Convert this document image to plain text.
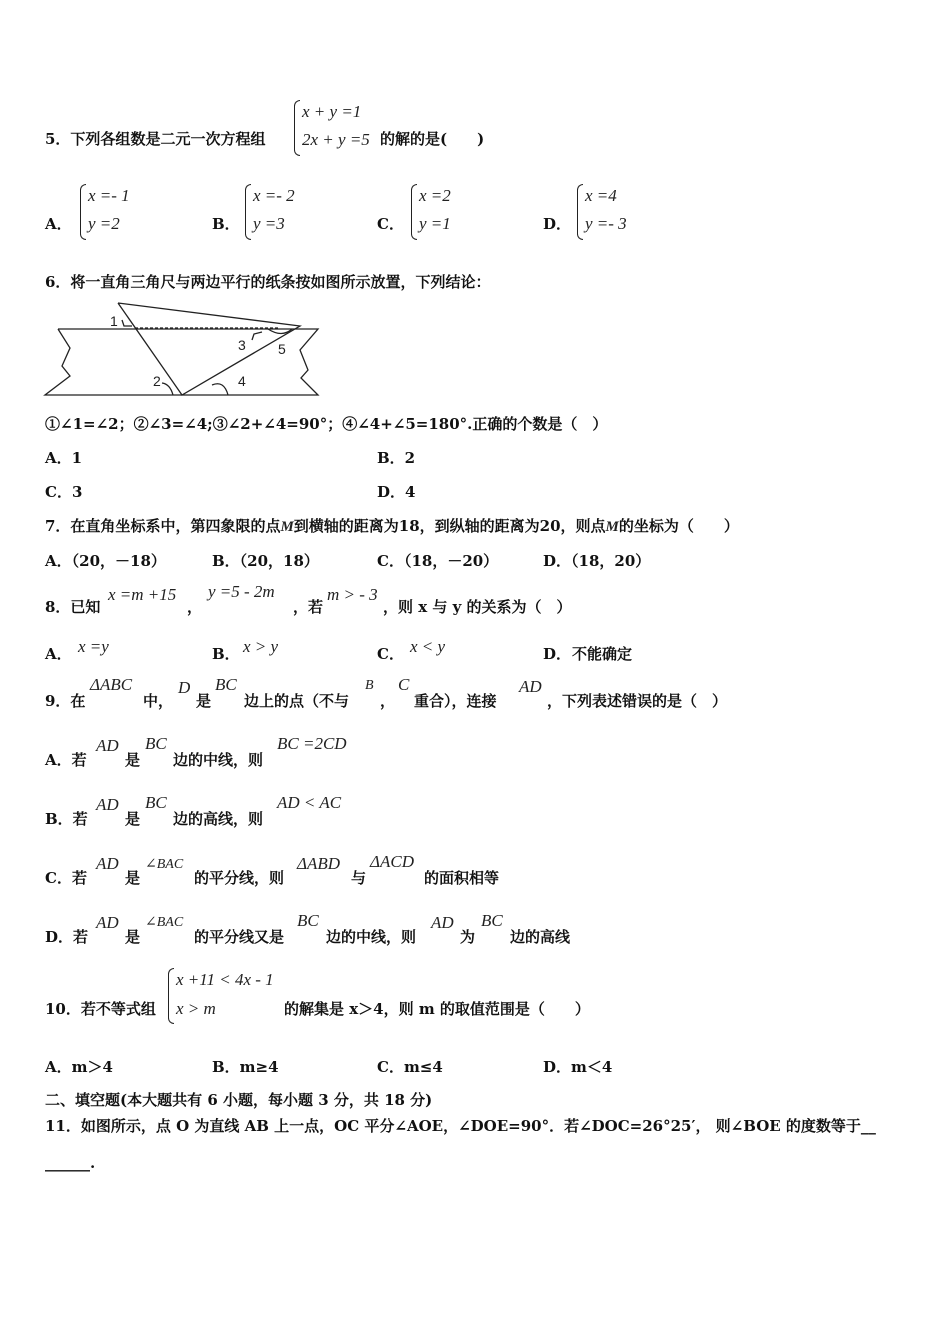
5．下列各组数是二元一次方程组
x + y =1
2x + y =5 的解的是(　　)
A．
x =- 1
y =2	B．
x =- 2
y =3	C．
x =2
y =1	D．
x =4
y =- 3
6．将一直角三角尺与两边平行的纸条按如图所示放置，下列结论：
1
2
3
4
5
①∠1=∠2；②∠3=∠4;③∠2+∠4=90°；④∠4+∠5=180°.正确的个数是（　）
A．1	B．2
C．3	D．4
7．在直角坐标系中，第四象限的点M到横轴的距离为18，到纵轴的距离为20，则点M的坐标为（　　）
A．（20，－18）	B．（20，18）	C．（18，－20）	D．（18，20）
8．已知
x =m +15
，
y =5 - 2m
，若
m > - 3
，则 x 与 y 的关系为（　）
A． x =y	B． x > y	C． x < y	D． 不能确定
9．在
ΔABC
中，
D
是
BC
边上的点（不与
B
，
C
重合），连接
AD
，下列表述错误的是（　）
A．若
AD
是
BC
边的中线，则
BC =2CD
B．若
AD
是
BC
边的高线，则
AD < AC
C．若
AD
是
∠BAC
的平分线，则
ΔABD
与
ΔACD
的面积相等
D．若
AD
是
∠BAC
的平分线又是
BC
边的中线，则
AD
为
BC
边的高线
10．若不等式组
x +11 < 4x - 1
x > m	的解集是 x＞4，则 m 的取值范围是（　　）
A．m＞4	B．m≥4	C．m≤4	D．m＜4
二、填空题(本大题共有 6 小题，每小题 3 分，共 18 分)
11．如图所示，点 O 为直线 AB 上一点，OC 平分∠AOE，∠DOE=90°．若∠DOC=26°25′， 则∠BOE 的度数等于__
______.
